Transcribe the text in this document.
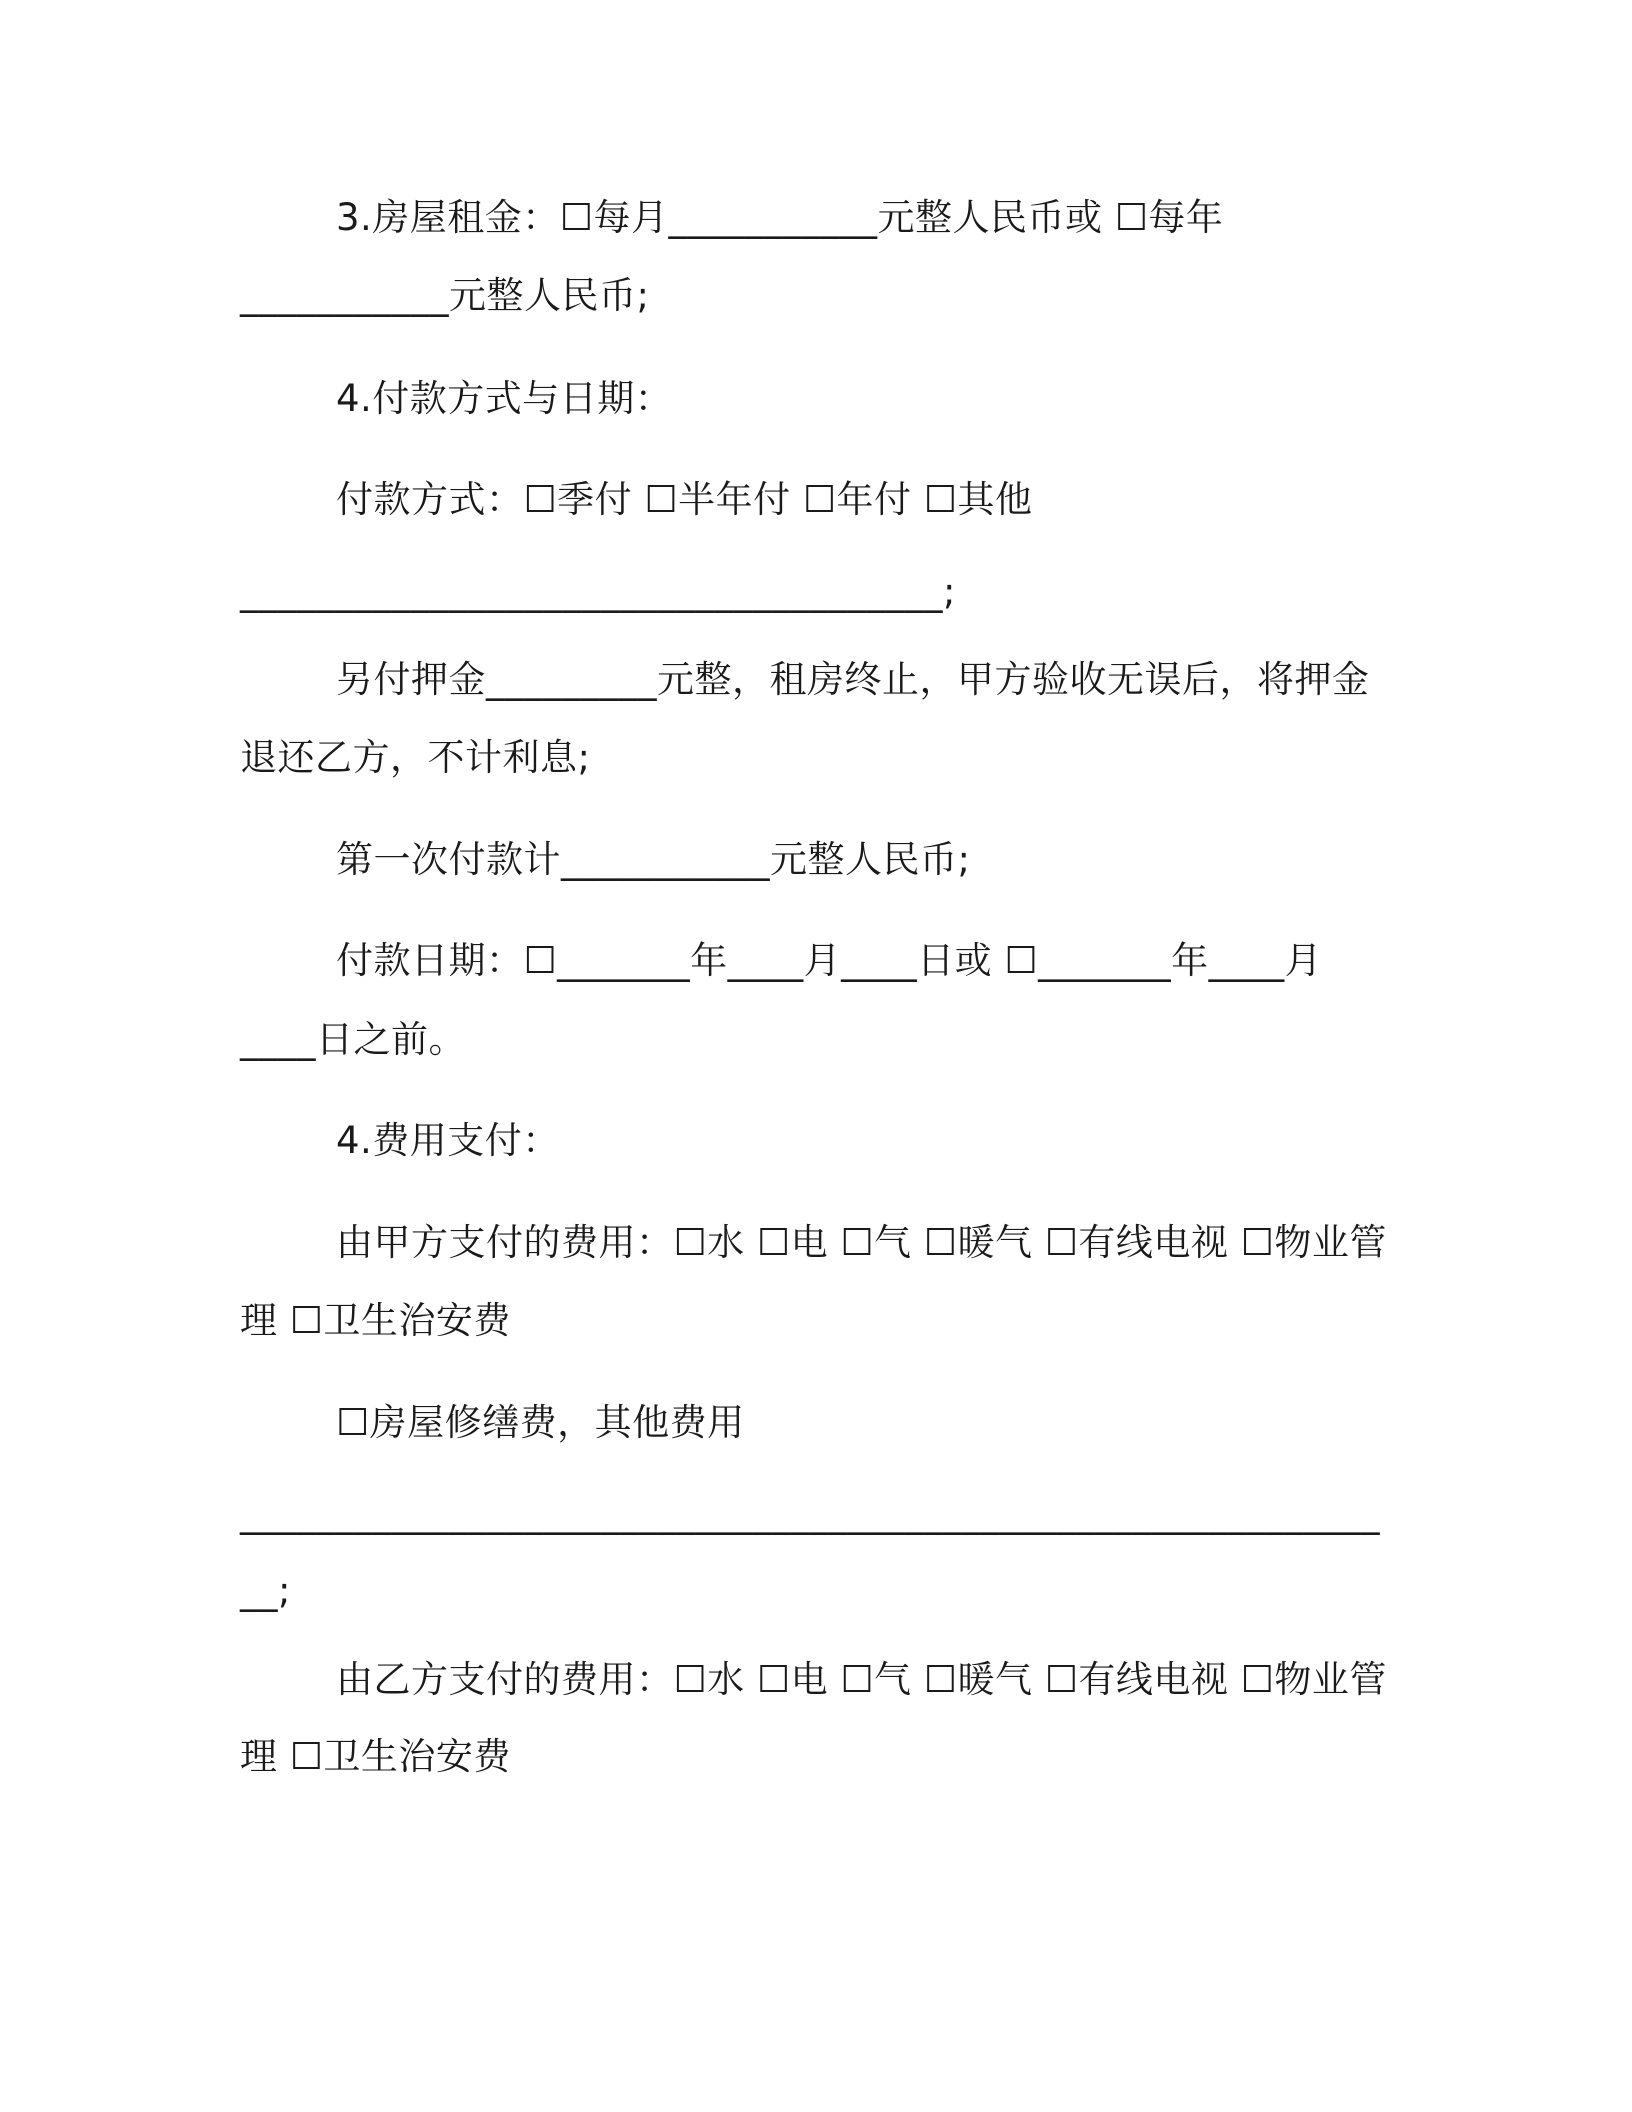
3.房屋租金：☐每月___________元整人民币或 ☐每年
___________元整人民币;
4.付款方式与日期：
付款方式：☐季付 ☐半年付 ☐年付 ☐其他
_____________________________________;
另付押金_________元整，租房终止，甲方验收无误后，将押金
退还乙方，不计利息;
第一次付款计___________元整人民币;
付款日期：☐_______年____月____日或 ☐_______年____月
____日之前。
4.费用支付：
由甲方支付的费用：☐水 ☐电 ☐气 ☐暖气 ☐有线电视 ☐物业管
理 ☐卫生治安费
☐房屋修缮费，其他费用
____________________________________________________________
__;
由乙方支付的费用：☐水 ☐电 ☐气 ☐暖气 ☐有线电视 ☐物业管
理 ☐卫生治安费
